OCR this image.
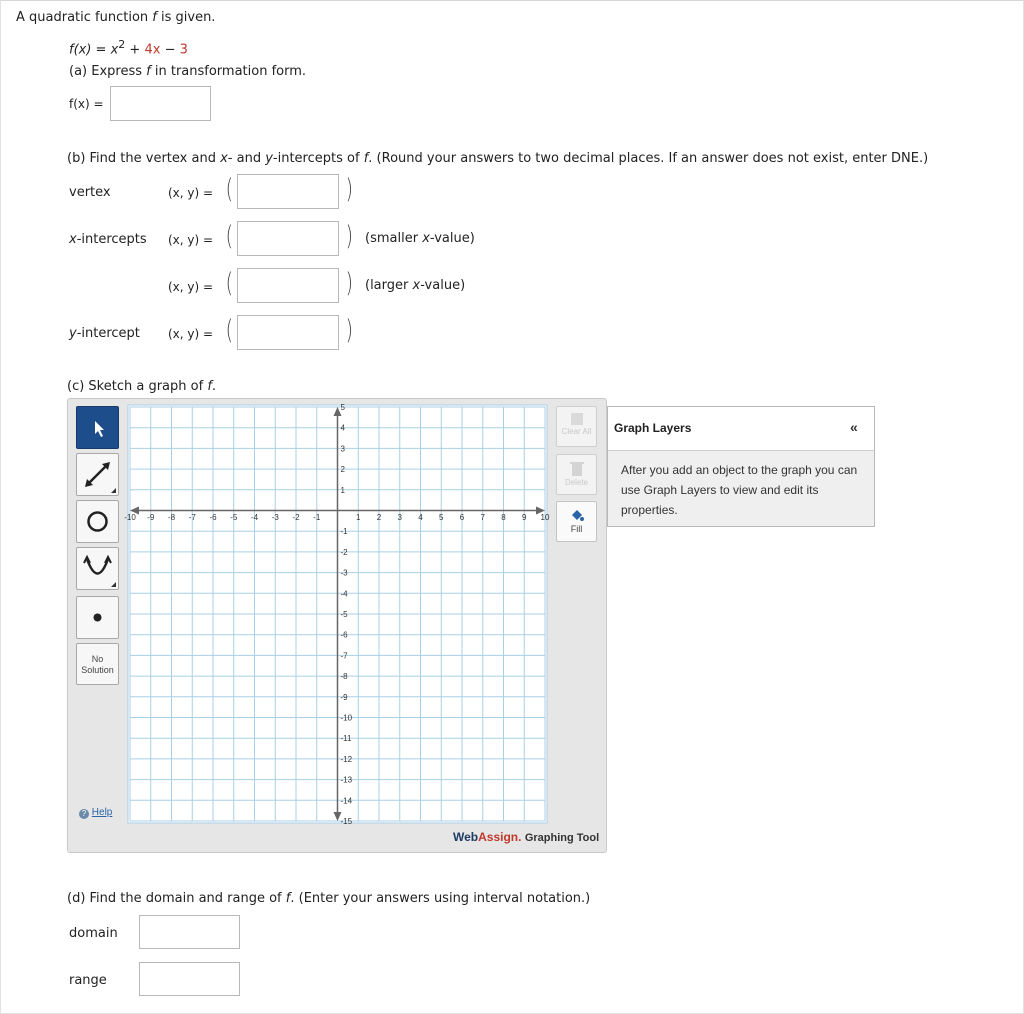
A quadratic function f is given.
$f(x) = x^2 + 4x - 3$
(a) Express f in transformation form.
f(x) =
(b) Find the vertex and x- and y-intercepts of f. (Round your answers to two decimal places. If an answer does not exist, enter DNE.)
vertex	(x, y) = (	)
x-intercepts (x, y) = (	) (smaller x-value)
(x, y) = (	) (larger x-value)
y-intercept (x, y) = (	)
(c) Sketch a graph of f.
No
Solution
? Help
-10 -9 -8 -7 -6 -5 -4 -3 -2 -1	1 2 3 4 5 6 7 8 9 10
5
4
3
2
1
-1
-2
-3
-4
-5
-6
-7
-8
-9
-10
-11
-12
-13
-14
-15
Clear All
Delete
Fill
WebAssign. Graphing Tool
Graph Layers	«
After you add an object to the graph you can use Graph Layers to view and edit its properties.
(d) Find the domain and range of f. (Enter your answers using interval notation.)
domain
range
